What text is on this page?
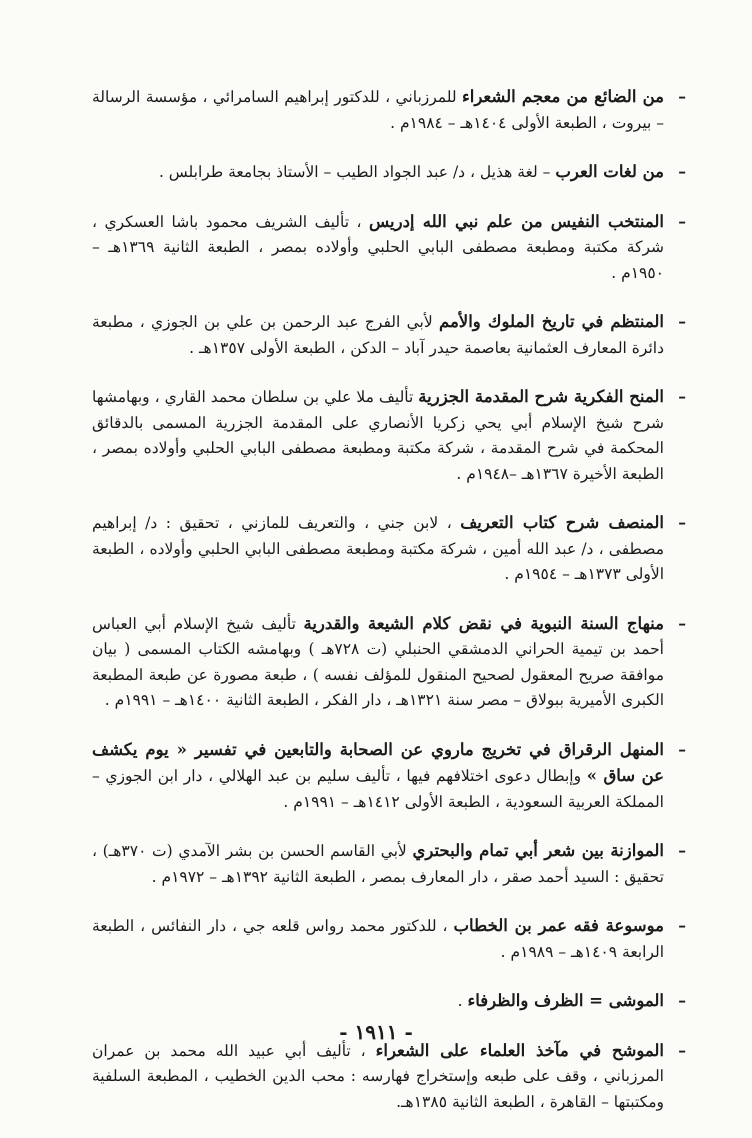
–
من الضائع من معجم الشعراء للمرزباني ، للدكتور إبراهيم السامرائي ، مؤسسة الرسالة – بيروت ، الطبعة الأولى ١٤٠٤هـ – ١٩٨٤م .
–
من لغات العرب – لغة هذيل ، د/ عبد الجواد الطيب – الأستاذ بجامعة طرابلس .
–
المنتخب النفيس من علم نبي الله إدريس ، تأليف الشريف محمود باشا العسكري ، شركة مكتبة ومطبعة مصطفى البابي الحلبي وأولاده بمصر ، الطبعة الثانية ١٣٦٩هـ – ١٩٥٠م .
–
المنتظم في تاريخ الملوك والأمم لأبي الفرج عبد الرحمن بن علي بن الجوزي ، مطبعة دائرة المعارف العثمانية بعاصمة حيدر آباد – الدكن ، الطبعة الأولى ١٣٥٧هـ .
–
المنح الفكرية شرح المقدمة الجزرية تأليف ملا علي بن سلطان محمد القاري ، وبهامشها شرح شيخ الإسلام أبي يحي زكريا الأنصاري على المقدمة الجزرية المسمى بالدقائق المحكمة في شرح المقدمة ، شركة مكتبة ومطبعة مصطفى البابي الحلبي وأولاده بمصر ، الطبعة الأخيرة ١٣٦٧هـ –١٩٤٨م .
–
المنصف شرح كتاب التعريف ، لابن جني ، والتعريف للمازني ، تحقيق : د/ إبراهيم مصطفى ، د/ عبد الله أمين ، شركة مكتبة ومطبعة مصطفى البابي الحلبي وأولاده ، الطبعة الأولى ١٣٧٣هـ – ١٩٥٤م .
–
منهاج السنة النبوية في نقض كلام الشيعة والقدرية تأليف شيخ الإسلام أبي العباس أحمد بن تيمية الحراني الدمشقي الحنبلي (ت ٧٢٨هـ ) وبهامشه الكتاب المسمى ( بيان موافقة صريح المعقول لصحيح المنقول للمؤلف نفسه ) ، طبعة مصورة عن طبعة المطبعة الكبرى الأميرية ببولاق – مصر سنة ١٣٢١هـ ، دار الفكر ، الطبعة الثانية ١٤٠٠هـ – ١٩٩١م .
–
المنهل الرقراق في تخريج ماروي عن الصحابة والتابعين في تفسير « يوم يكشف عن ساق » وإبطال دعوى اختلافهم فيها ، تأليف سليم بن عبد الهلالي ، دار ابن الجوزي – المملكة العربية السعودية ، الطبعة الأولى ١٤١٢هـ – ١٩٩١م .
–
الموازنة بين شعر أبي تمام والبحتري لأبي القاسم الحسن بن بشر الآمدي (ت ٣٧٠هـ) ، تحقيق : السيد أحمد صقر ، دار المعارف بمصر ، الطبعة الثانية ١٣٩٢هـ – ١٩٧٢م .
–
موسوعة فقه عمر بن الخطاب ، للدكتور محمد رواس قلعه جي ، دار النفائس ، الطبعة الرابعة ١٤٠٩هـ – ١٩٨٩م .
–
الموشى = الظرف والظرفاء .
–
الموشح في مآخذ العلماء على الشعراء ، تأليف أبي عبيد الله محمد بن عمران المرزباني ، وقف على طبعه وإستخراج فهارسه : محب الدين الخطيب ، المطبعة السلفية ومكتبتها – القاهرة ، الطبعة الثانية ١٣٨٥هـ.
- ١٩١١ -
